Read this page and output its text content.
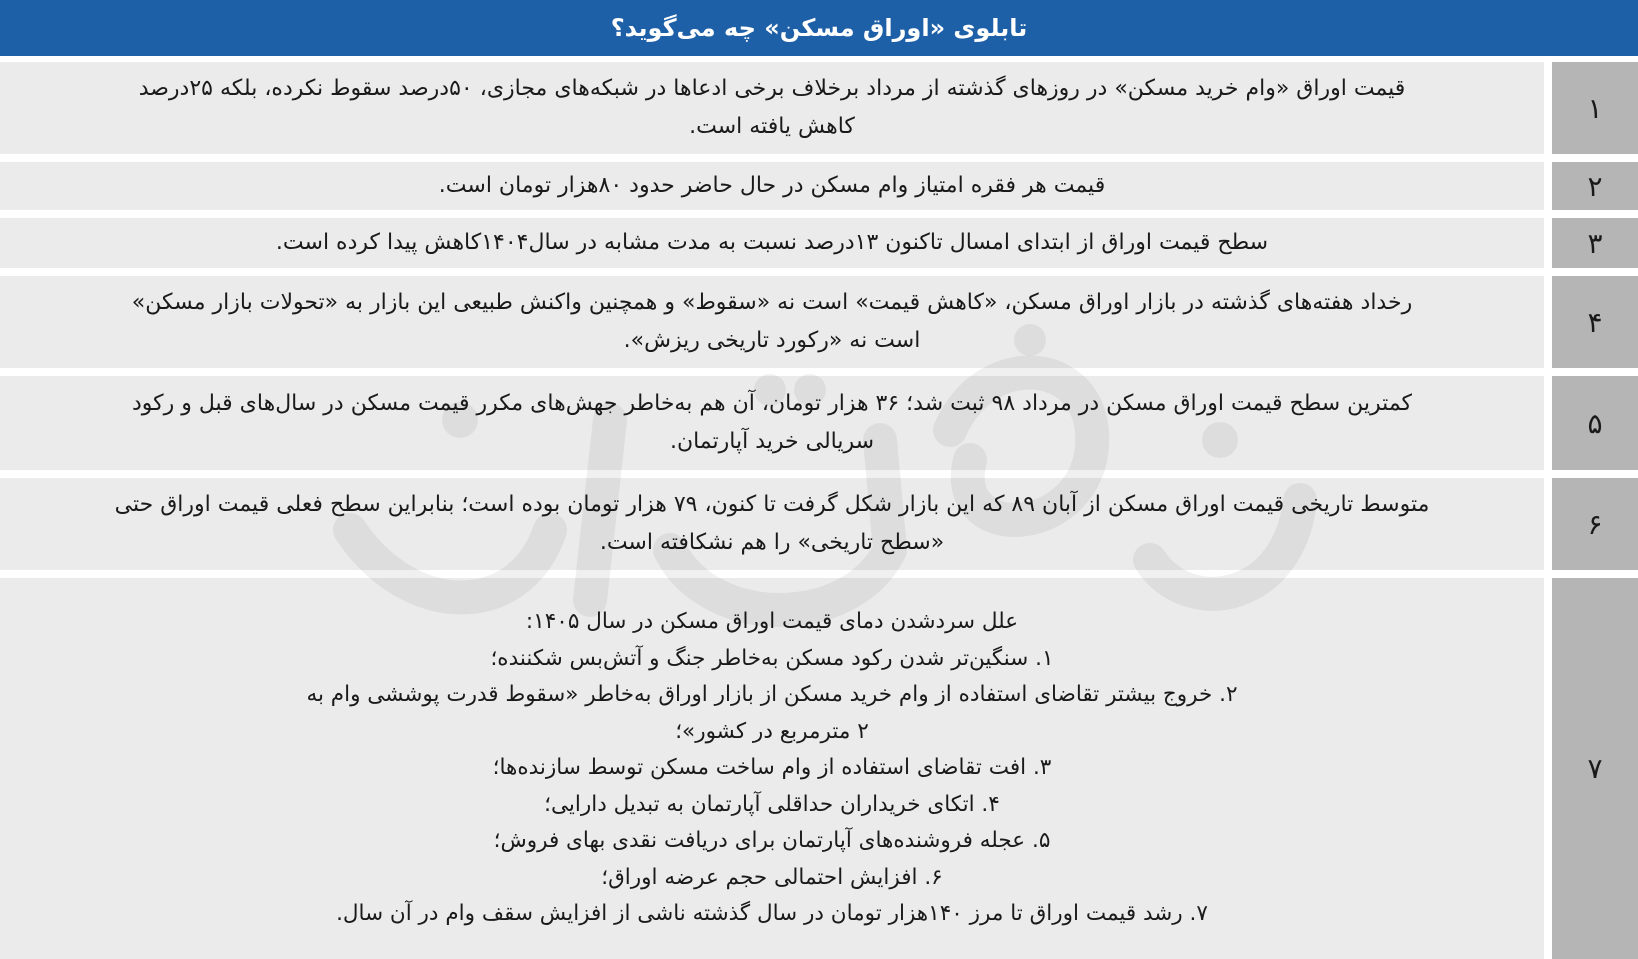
تابلوی «اوراق مسکن» چه می‌گوید؟
قیمت اوراق «وام خرید مسکن» در روزهای گذشته از مرداد برخلاف برخی ادعاها در شبکه‌های مجازی، ۵۰درصد سقوط نکرده، بلکه ۲۵درصد
کاهش یافته است.
۱
قیمت هر فقره امتیاز وام مسکن در حال حاضر حدود ۸۰هزار تومان است.	۲
سطح قیمت اوراق از ابتدای امسال تاکنون ۱۳درصد نسبت به مدت مشابه در سال۱۴۰۴کاهش پیدا کرده است.	۳
رخداد هفته‌های گذشته در بازار اوراق مسکن، «کاهش قیمت» است نه «سقوط» و همچنین واکنش طبیعی این بازار به «تحولات بازار مسکن»
است نه «رکورد تاریخی ریزش».
۴
کمترین سطح قیمت اوراق مسکن در مرداد ۹۸ ثبت شد؛ ۳۶ هزار تومان، آن هم به‌خاطر جهش‌های مکرر قیمت مسکن در سال‌های قبل و رکود
سریالی خرید آپارتمان.
۵
متوسط تاریخی قیمت اوراق مسکن از آبان ۸۹ که این بازار شکل گرفت تا کنون، ۷۹ هزار تومان بوده است؛ بنابراین سطح فعلی قیمت اوراق حتی
«سطح تاریخی» را هم نشکافته است.
۶
علل سردشدن دمای قیمت اوراق مسکن در سال ۱۴۰۵:
۱. سنگین‌تر شدن رکود مسکن به‌خاطر جنگ و آتش‌بس شکننده؛
۲. خروج بیشتر تقاضای استفاده از وام خرید مسکن از بازار اوراق به‌خاطر «سقوط قدرت پوششی وام به
۲ مترمربع در کشور»؛
۳. افت تقاضای استفاده از وام ساخت مسکن توسط سازنده‌ها؛
۴. اتکای خریداران حداقلی آپارتمان به تبدیل دارایی؛
۵. عجله فروشنده‌های آپارتمان برای دریافت نقدی بهای فروش؛
۶. افزایش احتمالی حجم عرضه اوراق؛
۷. رشد قیمت اوراق تا مرز ۱۴۰هزار تومان در سال گذشته ناشی از افزایش سقف وام در آن سال.
۷
